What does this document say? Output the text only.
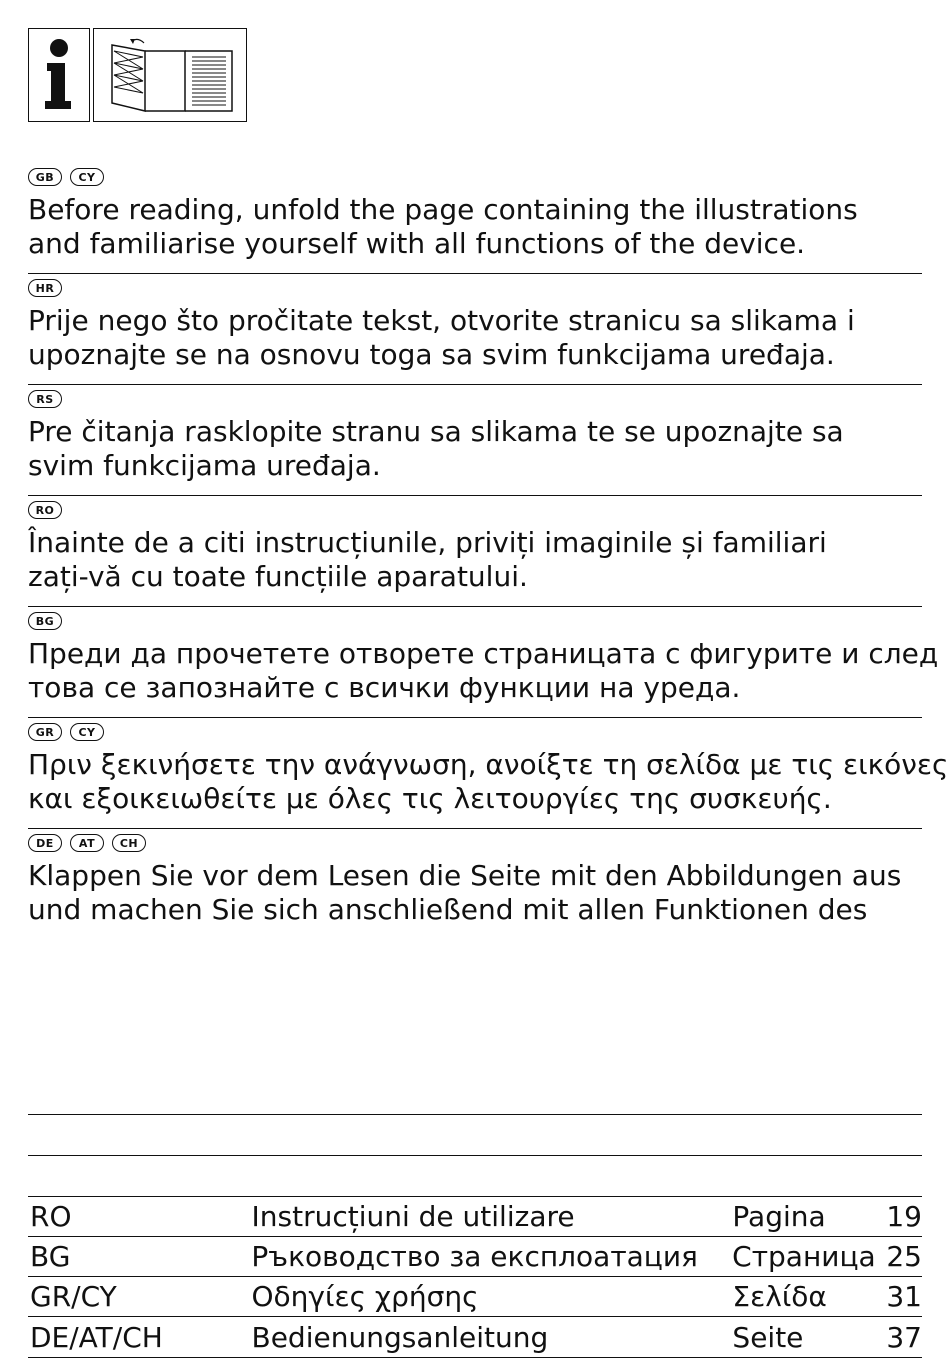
GB	CY
Before reading, unfold the page containing the illustrations
and familiarise yourself with all functions of the device.
HR
Prije nego što pročitate tekst, otvorite stranicu sa slikama i
upoznajte se na osnovu toga sa svim funkcijama uređaja.
RS
Pre čitanja rasklopite stranu sa slikama te se upoznajte sa
svim funkcijama uređaja.
RO
Înainte de a citi instrucțiunile, priviți imaginile și familiari
zați-vă cu toate funcțiile aparatului.
BG
Преди да прочетете отворете страницата с фигурите и след
това се запознайте с всички функции на уреда.
GR	CY
Πριν ξεκινήσετε την ανάγνωση, ανοίξτε τη σελίδα με τις εικόνες
και εξοικειωθείτε με όλες τις λειτουργίες της συσκευής.
DE	AT	CH
Klappen Sie vor dem Lesen die Seite mit den Abbildungen aus
und machen Sie sich anschließend mit allen Funktionen des
RO	Instrucțiuni de utilizare	Pagina	19
BG	Ръководство за експлоатация	Страница 25
GR/CY	Οδηγίες χρήσης	Σελίδα	31
DE/AT/CH	Bedienungsanleitung	Seite	37
